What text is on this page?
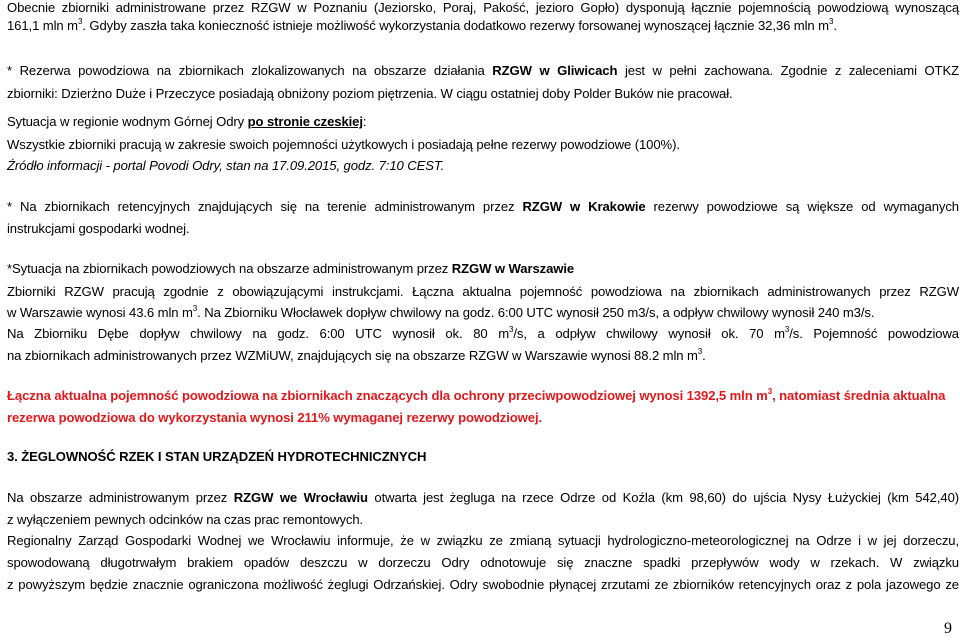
Obecnie zbiorniki administrowane przez RZGW w Poznaniu (Jeziorsko, Poraj, Pakość, jeziorо Gopło) dysponują łącznie pojemnością powodziową wynoszącą
161,1 mln $m^3$. Gdyby zaszła taka konieczność istnieje możliwość wykorzystania dodatkowo rezerwy forsowanej wynoszącej łącznie 32,36 mln $m^3$.
* Rezerwa powodziowa na zbiornikach zlokalizowanych na obszarze działania RZGW w Gliwicach jest w pełni zachowana. Zgodnie z zaleceniami OTKZ
zbiorniki: Dzierżno Duże i Przeczyce posiadają obniżony poziom piętrzenia. W ciągu ostatniej doby Polder Buków nie pracował.
Sytuacja w regionie wodnym Górnej Odry po stronie czeskiej:
Wszystkie zbiorniki pracują w zakresie swoich pojemności użytkowych i posiadają pełne rezerwy powodziowe (100%).
Źródło informacji - portal Povodi Odry, stan na 17.09.2015, godz. 7:10 CEST.
* Na zbiornikach retencyjnych znajdujących się na terenie administrowanym przez RZGW w Krakowie rezerwy powodziowe są większe od wymaganych
instrukcjami gospodarki wodnej.
*Sytuacja na zbiornikach powodziowych na obszarze administrowanym przez RZGW w Warszawie
Zbiorniki RZGW pracują zgodnie z obowiązującymi instrukcjami. Łączna aktualna pojemność powodziowa na zbiornikach administrowanych przez RZGW
w Warszawie wynosi 43.6 mln $m^3$. Na Zbiorniku Włocławek dopływ chwilowy na godz. 6:00 UTC wynosił 250 m3/s, a odpływ chwilowy wynosił 240 m3/s.
Na Zbiorniku Dębe dopływ chwilowy na godz. 6:00 UTC wynosił ok. 80 $m^3/s$, a odpływ chwilowy wynosił ok. 70 $m^3/s$. Pojemność powodziowa
na zbiornikach administrowanych przez WZMiUW, znajdujących się na obszarze RZGW w Warszawie wynosi 88.2 mln $m^3$.
Łączna aktualna pojemność powodziowa na zbiornikach znaczących dla ochrony przeciwpowodziowej wynosi 1392,5 mln $m^3$, natomiast średnia aktualna
rezerwa powodziowa do wykorzystania wynosi 211% wymaganej rezerwy powodziowej.
3. ŻEGLOWNOŚĆ RZEK I STAN URZĄDZEŃ HYDROTECHNICZNYCH
Na obszarze administrowanym przez RZGW we Wrocławiu otwarta jest żegluga na rzece Odrze od Koźla (km 98,60) do ujścia Nysy Łużyckiej (km 542,40)
z wyłączeniem pewnych odcinków na czas prac remontowych.
Regionalny Zarząd Gospodarki Wodnej we Wrocławiu informuje, że w związku ze zmianą sytuacji hydrologiczno-meteorologicznej na Odrze i w jej dorzeczu,
spowodowaną długotrwałym brakiem opadów deszczu w dorzeczu Odry odnotowuje się znaczne spadki przepływów wody w rzekach. W związku
z powyższym będzie znacznie ograniczona możliwość żeglugi Odrzańskiej. Odry swobodnie płynącej zrzutami ze zbiorników retencyjnych oraz z pola jazowego ze
9
